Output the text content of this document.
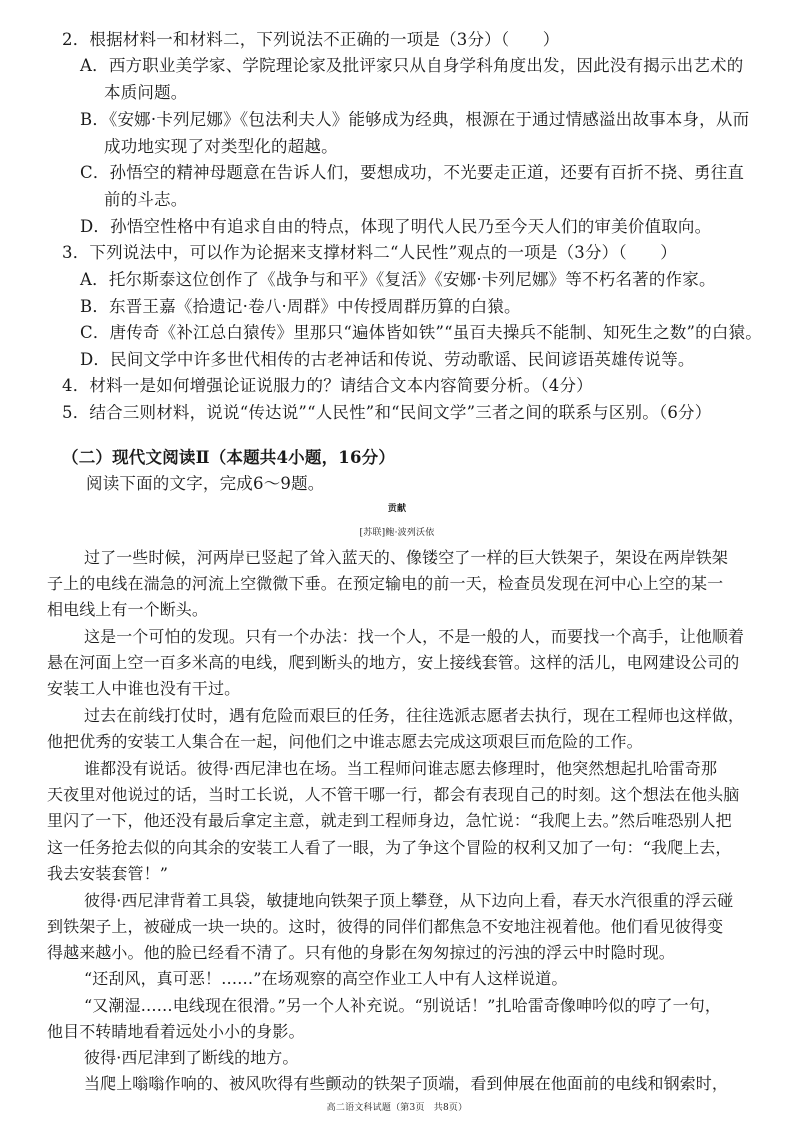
2．根据材料一和材料二，下列说法不正确的一项是（3分）（　　）
A．西方职业美学家、学院理论家及批评家只从自身学科角度出发，因此没有揭示出艺术的
本质问题。
B．《安娜·卡列尼娜》《包法利夫人》能够成为经典，根源在于通过情感溢出故事本身，从而
成功地实现了对类型化的超越。
C．孙悟空的精神母题意在告诉人们，要想成功，不光要走正道，还要有百折不挠、勇往直
前的斗志。
D．孙悟空性格中有追求自由的特点，体现了明代人民乃至今天人们的审美价值取向。
3．下列说法中，可以作为论据来支撑材料二“人民性”观点的一项是（3分）（　　）
A．托尔斯泰这位创作了《战争与和平》《复活》《安娜·卡列尼娜》等不朽名著的作家。
B．东晋王嘉《拾遗记·卷八·周群》中传授周群历算的白猿。
C．唐传奇《补江总白猿传》里那只“遍体皆如铁”“虽百夫操兵不能制、知死生之数”的白猿。
D．民间文学中许多世代相传的古老神话和传说、劳动歌谣、民间谚语英雄传说等。
4．材料一是如何增强论证说服力的？请结合文本内容简要分析。（4分）
5．结合三则材料，说说“传达说”“人民性”和“民间文学”三者之间的联系与区别。（6分）
（二）现代文阅读Ⅱ（本题共4小题，16分）
阅读下面的文字，完成6～9题。
贡献
[苏联]鲍·波列沃依
过了一些时候，河两岸已竖起了耸入蓝天的、像镂空了一样的巨大铁架子，架设在两岸铁架
子上的电线在湍急的河流上空微微下垂。在预定输电的前一天，检查员发现在河中心上空的某一
相电线上有一个断头。
这是一个可怕的发现。只有一个办法：找一个人，不是一般的人，而要找一个高手，让他顺着
悬在河面上空一百多米高的电线，爬到断头的地方，安上接线套管。这样的活儿，电网建设公司的
安装工人中谁也没有干过。
过去在前线打仗时，遇有危险而艰巨的任务，往往选派志愿者去执行，现在工程师也这样做，
他把优秀的安装工人集合在一起，问他们之中谁志愿去完成这项艰巨而危险的工作。
谁都没有说话。彼得·西尼津也在场。当工程师问谁志愿去修理时，他突然想起扎哈雷奇那
天夜里对他说过的话，当时工长说，人不管干哪一行，都会有表现自己的时刻。这个想法在他头脑
里闪了一下，他还没有最后拿定主意，就走到工程师身边，急忙说：“我爬上去。”然后唯恐别人把
这一任务抢去似的向其余的安装工人看了一眼，为了争这个冒险的权利又加了一句：“我爬上去，
我去安装套管！”
彼得·西尼津背着工具袋，敏捷地向铁架子顶上攀登，从下边向上看，春天水汽很重的浮云碰
到铁架子上，被碰成一块一块的。这时，彼得的同伴们都焦急不安地注视着他。他们看见彼得变
得越来越小。他的脸已经看不清了。只有他的身影在匆匆掠过的污浊的浮云中时隐时现。
“还刮风，真可恶！……”在场观察的高空作业工人中有人这样说道。
“又潮湿……电线现在很滑。”另一个人补充说。“别说话！”扎哈雷奇像呻吟似的哼了一句，
他目不转睛地看着远处小小的身影。
彼得·西尼津到了断线的地方。
当爬上嗡嗡作响的、被风吹得有些颤动的铁架子顶端，看到伸展在他面前的电线和钢索时，
高二语文科试题（第3页　共8页）
